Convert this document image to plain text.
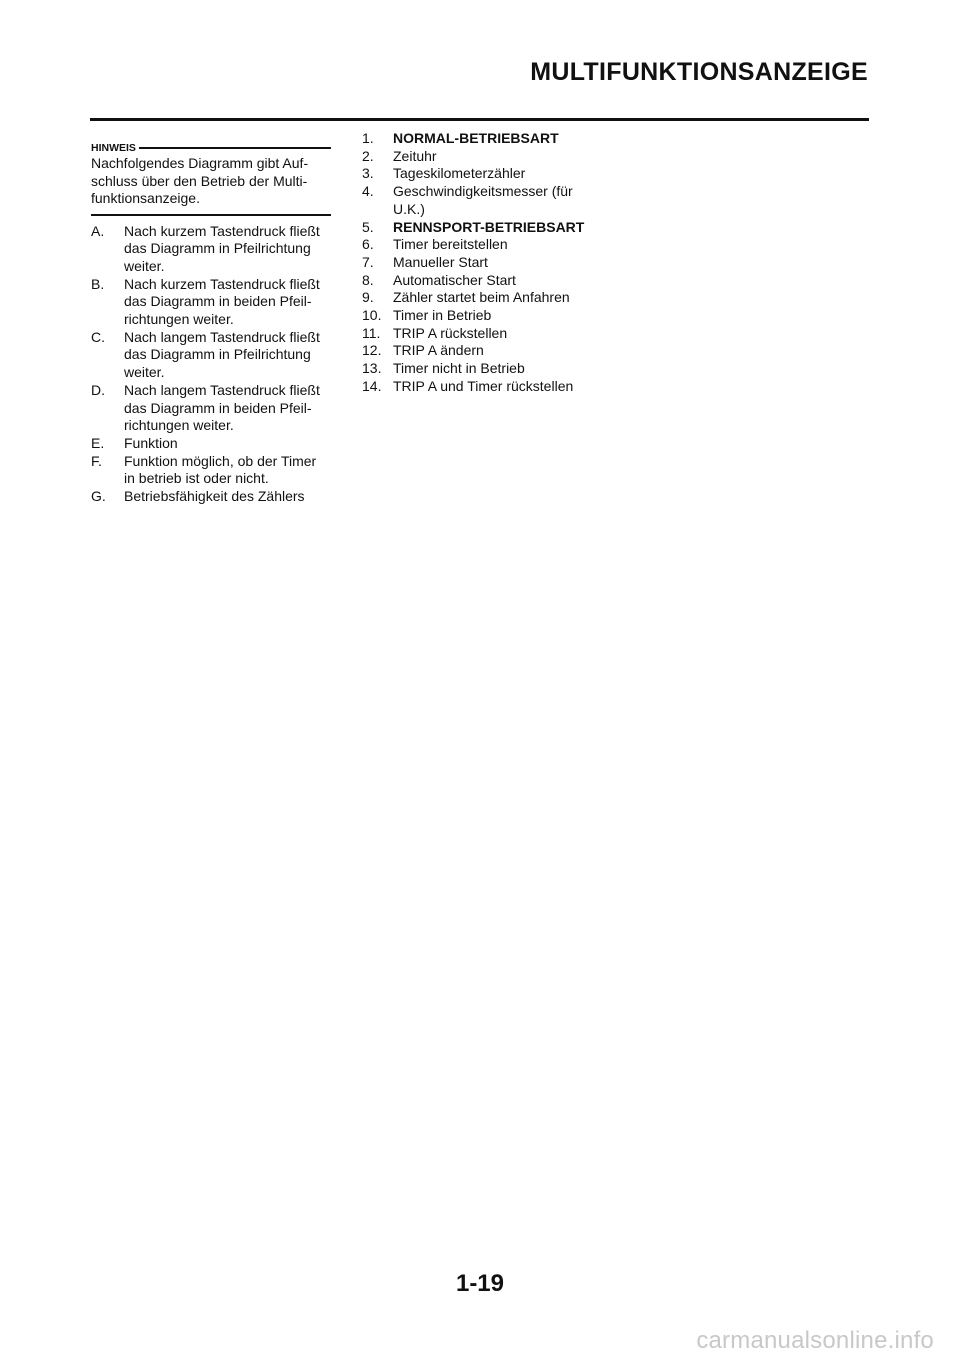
MULTIFUNKTIONSANZEIGE
HINWEIS
Nachfolgendes Diagramm gibt Auf-
schluss über den Betrieb der Multi-
funktionsanzeige.
A.	Nach kurzem Tastendruck fließt
das Diagramm in Pfeilrichtung
weiter.
B.	Nach kurzem Tastendruck fließt
das Diagramm in beiden Pfeil-
richtungen weiter.
C.	Nach langem Tastendruck fließt
das Diagramm in Pfeilrichtung
weiter.
D.	Nach langem Tastendruck fließt
das Diagramm in beiden Pfeil-
richtungen weiter.
E.	Funktion
F.	Funktion möglich, ob der Timer
in betrieb ist oder nicht.
G.	Betriebsfähigkeit des Zählers
1.	NORMAL-BETRIEBSART
2.	Zeituhr
3.	Tageskilometerzähler
4.	Geschwindigkeitsmesser (für
U.K.)
5.	RENNSPORT-BETRIEBSART
6.	Timer bereitstellen
7.	Manueller Start
8.	Automatischer Start
9.	Zähler startet beim Anfahren
10. Timer in Betrieb
11. TRIP A rückstellen
12. TRIP A ändern
13. Timer nicht in Betrieb
14. TRIP A und Timer rückstellen
1-19
carmanualsonline.info
